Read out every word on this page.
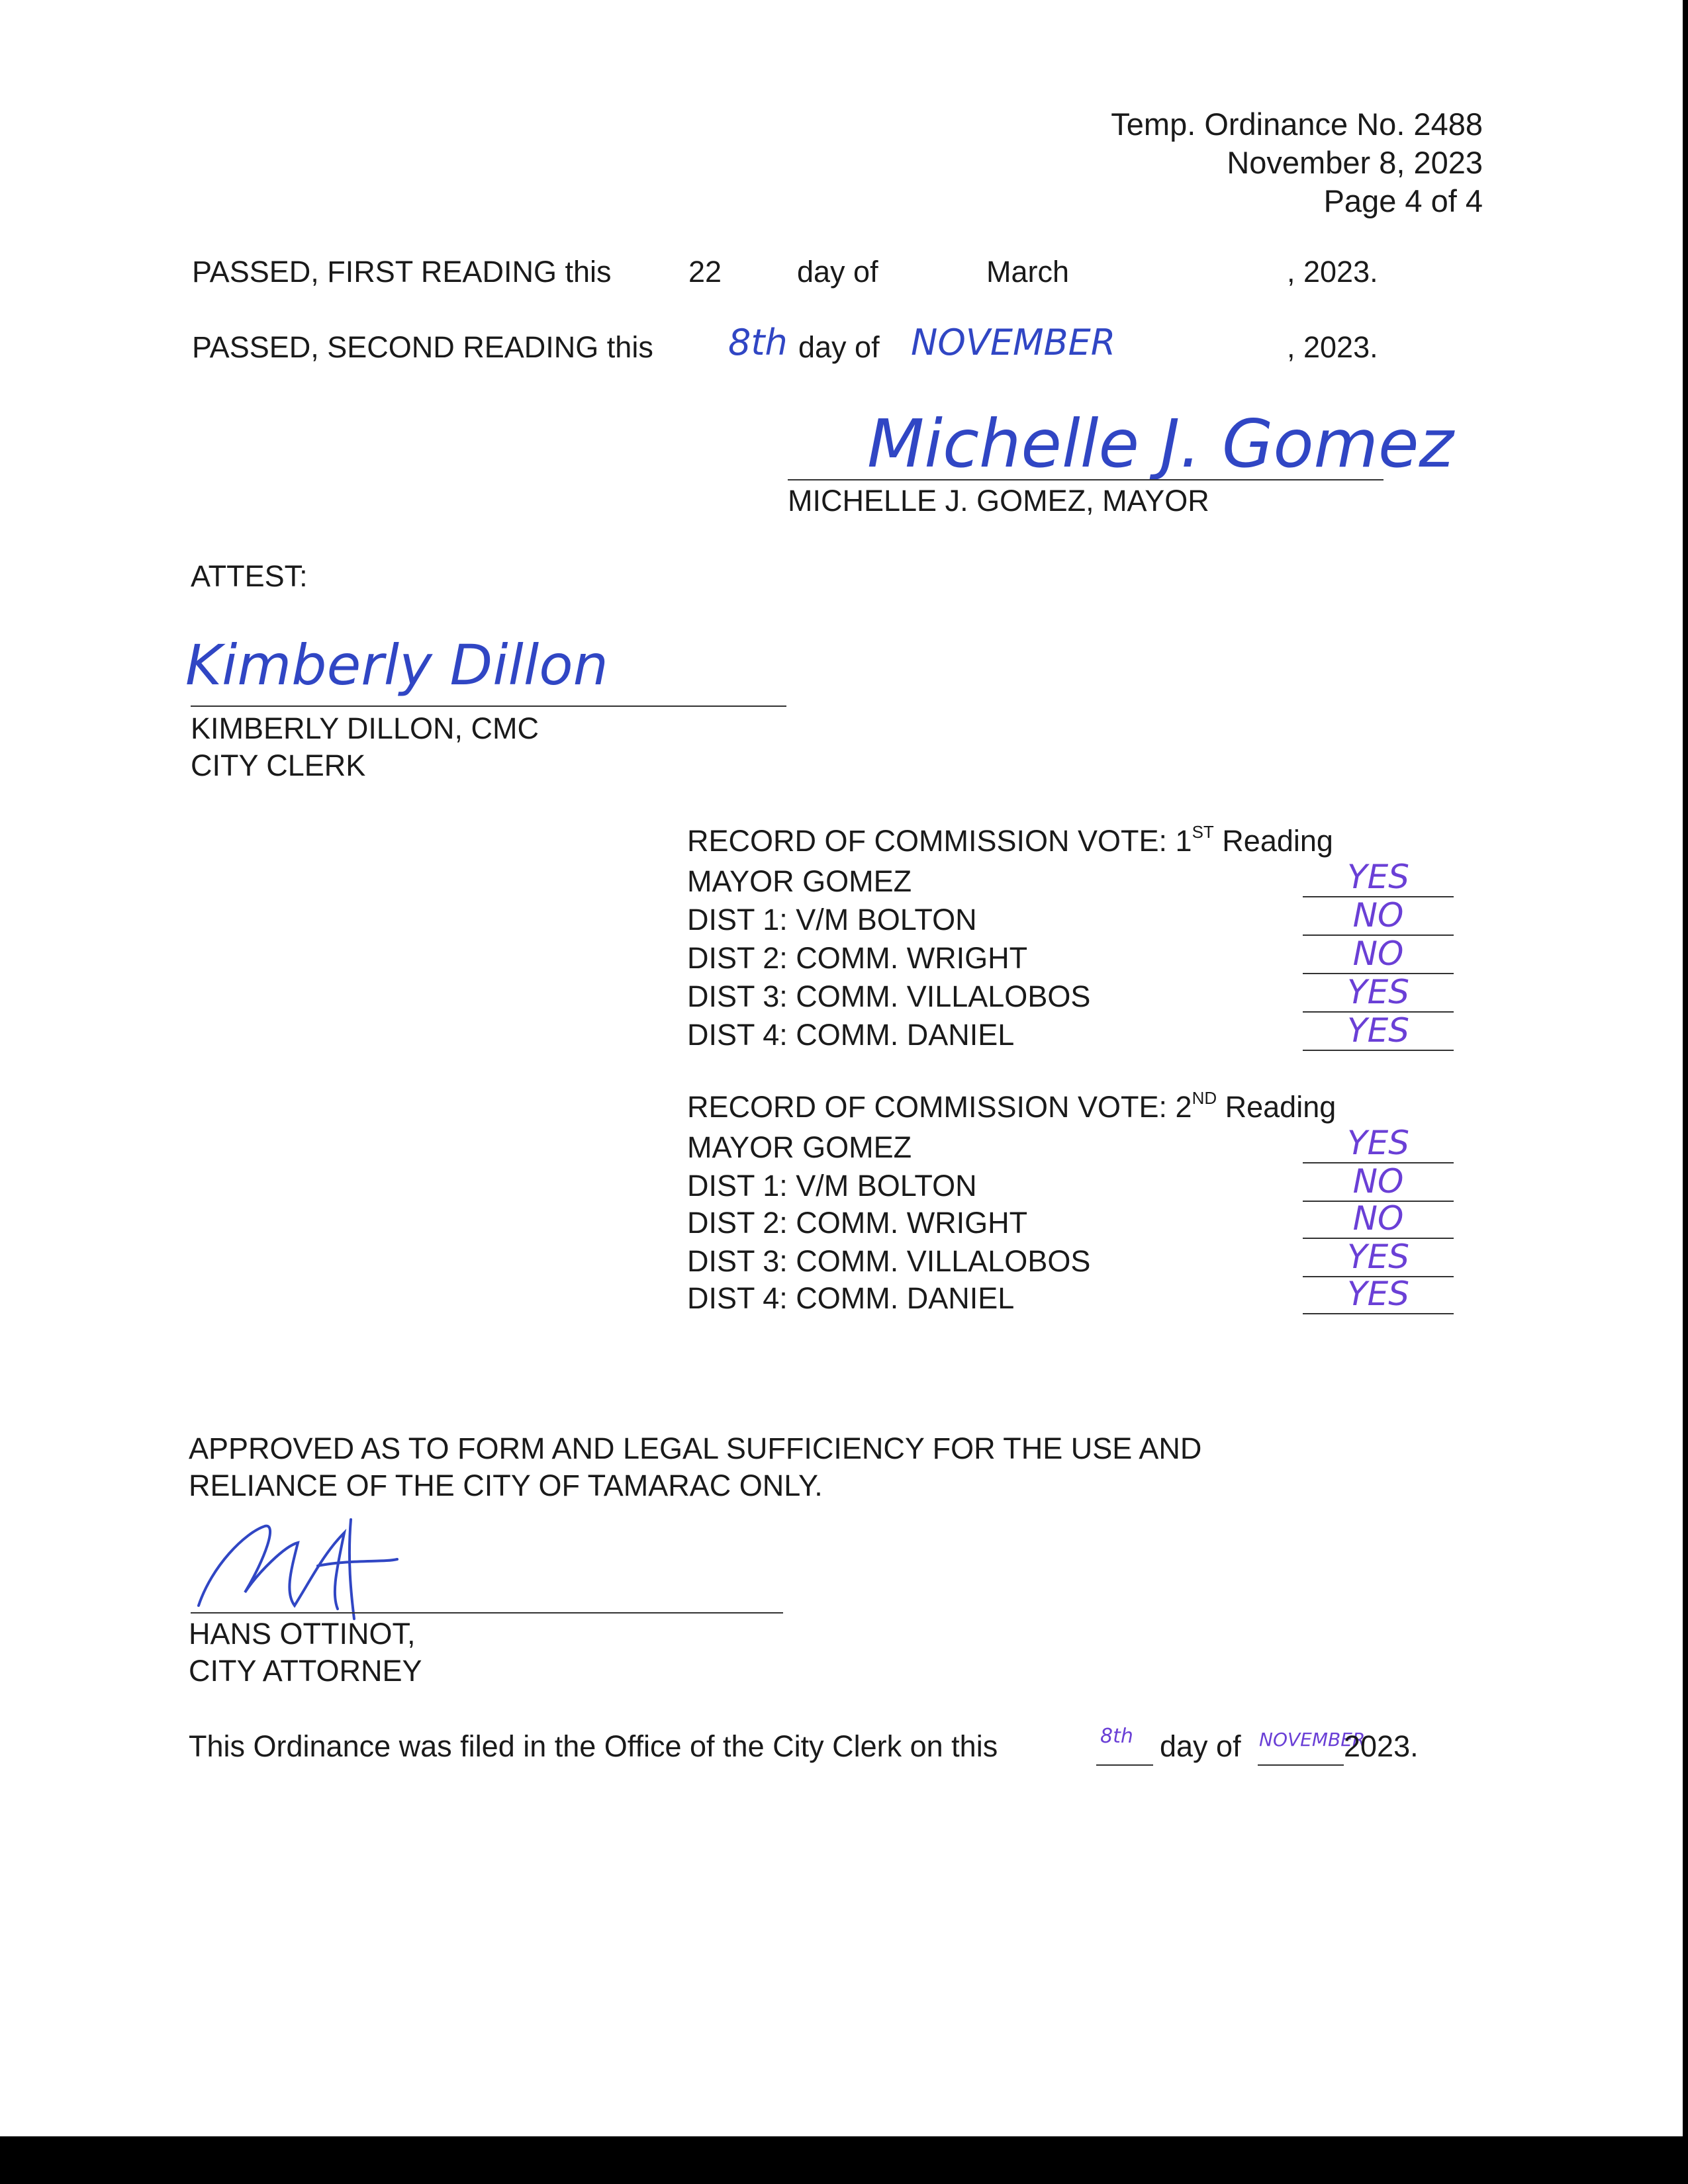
Temp. Ordinance No. 2488
November 8, 2023
Page 4 of 4
PASSED, FIRST READING this	22	day of	March	, 2023.
PASSED, SECOND READING this 8th day of NOVEMBER	, 2023.
Michelle J. Gomez
MICHELLE J. GOMEZ, MAYOR
ATTEST:
Kimberly Dillon
KIMBERLY DILLON, CMC
CITY CLERK
RECORD OF COMMISSION VOTE: 1ST Reading
MAYOR GOMEZ	YES
DIST 1: V/M BOLTON	NO
DIST 2: COMM. WRIGHT	NO
DIST 3: COMM. VILLALOBOS	YES
DIST 4: COMM. DANIEL	YES
RECORD OF COMMISSION VOTE: 2ND Reading
MAYOR GOMEZ	YES
DIST 1: V/M BOLTON	NO
DIST 2: COMM. WRIGHT	NO
DIST 3: COMM. VILLALOBOS	YES
DIST 4: COMM. DANIEL	YES
APPROVED AS TO FORM AND LEGAL SUFFICIENCY FOR THE USE AND
RELIANCE OF THE CITY OF TAMARAC ONLY.
HANS OTTINOT,
CITY ATTORNEY
This Ordinance was filed in the Office of the City Clerk on this	8th day of NOVEMBER
2023.
